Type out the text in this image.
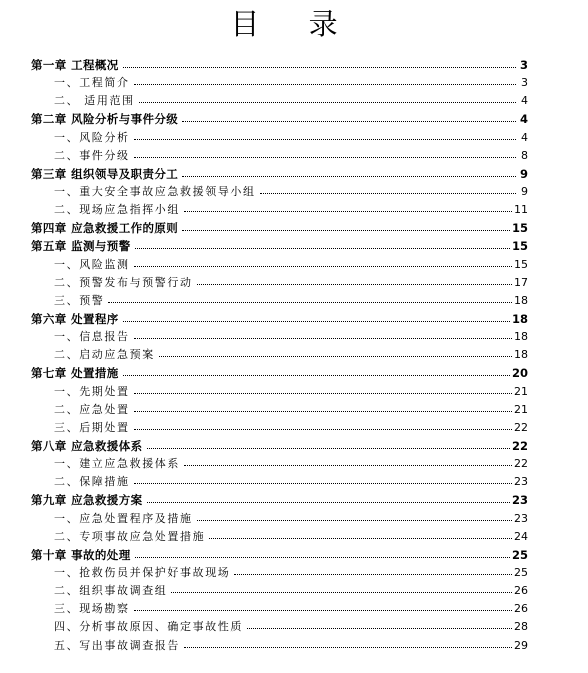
目 录
第一章 工程概况	3
一、工程简介	3
二、 适用范围	4
第二章 风险分析与事件分级	4
一、风险分析	4
二、事件分级	8
第三章 组织领导及职责分工	9
一、重大安全事故应急救援领导小组	9
二、现场应急指挥小组	11
第四章 应急救援工作的原则	15
第五章 监测与预警	15
一、风险监测	15
二、预警发布与预警行动	17
三、预警	18
第六章 处置程序	18
一、信息报告	18
二、启动应急预案	18
第七章 处置措施	20
一、先期处置	21
二、应急处置	21
三、后期处置	22
第八章 应急救援体系	22
一、建立应急救援体系	22
二、保障措施	23
第九章 应急救援方案	23
一、应急处置程序及措施	23
二、专项事故应急处置措施	24
第十章 事故的处理	25
一、抢救伤员并保护好事故现场	25
二、组织事故调查组	26
三、现场勘察	26
四、分析事故原因、确定事故性质	28
五、写出事故调查报告	29
